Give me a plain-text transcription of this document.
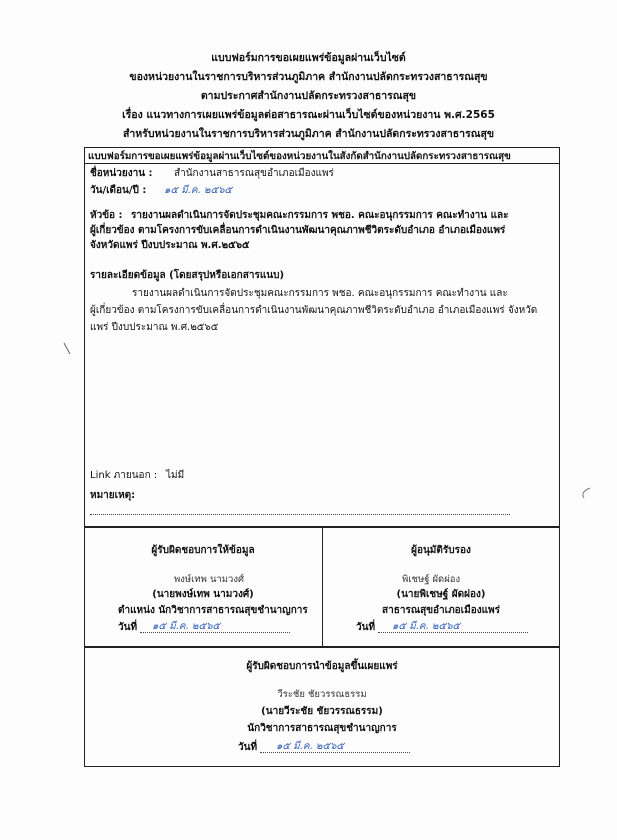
แบบฟอร์มการขอเผยแพร่ข้อมูลผ่านเว็บไซต์
ของหน่วยงานในราชการบริหารส่วนภูมิภาค สำนักงานปลัดกระทรวงสาธารณสุข
ตามประกาศสำนักงานปลัดกระทรวงสาธารณสุข
เรื่อง แนวทางการเผยแพร่ข้อมูลต่อสาธารณะผ่านเว็บไซต์ของหน่วยงาน พ.ศ.2565
สำหรับหน่วยงานในราชการบริหารส่วนภูมิภาค สำนักงานปลัดกระทรวงสาธารณสุข
แบบฟอร์มการขอเผยแพร่ข้อมูลผ่านเว็บไซต์ของหน่วยงานในสังกัดสำนักงานปลัดกระทรวงสาธารณสุข
ชื่อหน่วยงาน : สำนักงานสาธารณสุขอำเภอเมืองแพร่
วัน/เดือน/ปี : ๑๕ มี.ค. ๒๕๖๕
หัวข้อ : รายงานผลดำเนินการจัดประชุมคณะกรรมการ พชอ. คณะอนุกรรมการ คณะทำงาน และ
ผู้เกี่ยวข้อง ตามโครงการขับเคลื่อนการดำเนินงานพัฒนาคุณภาพชีวิตระดับอำเภอ อำเภอเมืองแพร่
จังหวัดแพร่ ปีงบประมาณ พ.ศ.๒๕๖๕
รายละเอียดข้อมูล (โดยสรุปหรือเอกสารแนบ)
รายงานผลดำเนินการจัดประชุมคณะกรรมการ พชอ. คณะอนุกรรมการ คณะทำงาน และ
ผู้เกี่ยวข้อง ตามโครงการขับเคลื่อนการดำเนินงานพัฒนาคุณภาพชีวิตระดับอำเภอ อำเภอเมืองแพร่ จังหวัด
แพร่ ปีงบประมาณ พ.ศ.๒๕๖๕
Link ภายนอก : ไม่มี
หมายเหตุ:
ผู้รับผิดชอบการให้ข้อมูล
พงษ์เทพ นามวงศ์
(นายพงษ์เทพ นามวงศ์)
ตำแหน่ง นักวิชาการสาธารณสุขชำนาญการ
วันที่ ๑๕ มี.ค. ๒๕๖๕
ผู้อนุมัติรับรอง
พิเชษฐ์ ผัดผ่อง
(นายพิเชษฐ์ ผัดผ่อง)
สาธารณสุขอำเภอเมืองแพร่
วันที่ ๑๕ มี.ค. ๒๕๖๕
ผู้รับผิดชอบการนำข้อมูลขึ้นเผยแพร่
วีระชัย ชัยวรรณธรรม
(นายวีระชัย ชัยวรรณธรรม)
นักวิชาการสาธารณสุขชำนาญการ
วันที่ ๑๕ มี.ค. ๒๕๖๕
